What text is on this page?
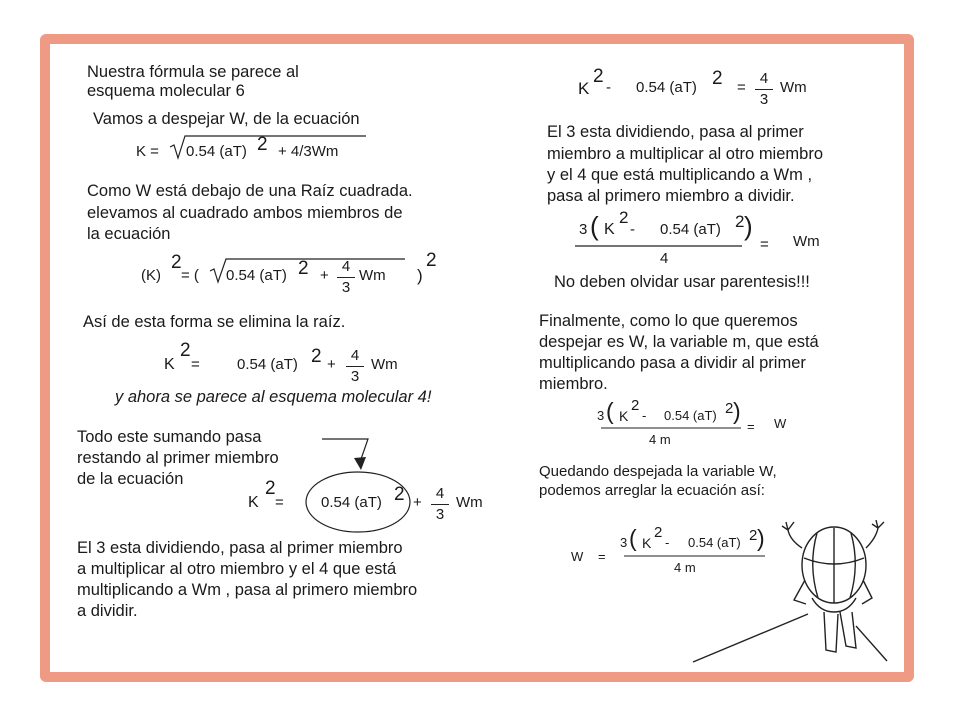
Nuestra fórmula se parece al
esquema molecular 6
Vamos a despejar W, de la ecuación
K = 0.54 (aT) 2 + 4/3Wm
Como W está debajo de una Raíz cuadrada.
elevamos al cuadrado ambos miembros de
la ecuación
(K)
2
= ( 0.54 (aT) 2 +
4
3
Wm )
2
Así de esta forma se elimina la raíz.
K
2
= 0.54 (aT) 2 +
4
3
Wm
y ahora se parece al esquema molecular 4!
Todo este sumando pasa
restando al primer miembro
de la ecuación
K
2
= 0.54 (aT) 2 +
4
3
Wm
El 3 esta dividiendo, pasa al primer miembro
a multiplicar al otro miembro y el 4 que está
multiplicando a Wm , pasa al primero miembro
a dividir.
K
2
- 0.54 (aT) 2 =
4
3
Wm
El 3 esta dividiendo, pasa al primer
miembro a multiplicar al otro miembro
y el 4 que está multiplicando a Wm ,
pasa al primero miembro a dividir.
3 ( K
2
- 0.54 (aT) 2 )
4
= Wm
No deben olvidar usar parentesis!!!
Finalmente, como lo que queremos
despejar es W, la variable m, que está
multiplicando pasa a dividir al primer
miembro.
3 ( K
2
- 0.54 (aT) 2 )
4 m
= W
Quedando despejada la variable W,
podemos arreglar la ecuación así:
W =
3 ( K
2
- 0.54 (aT) 2 )
4 m
